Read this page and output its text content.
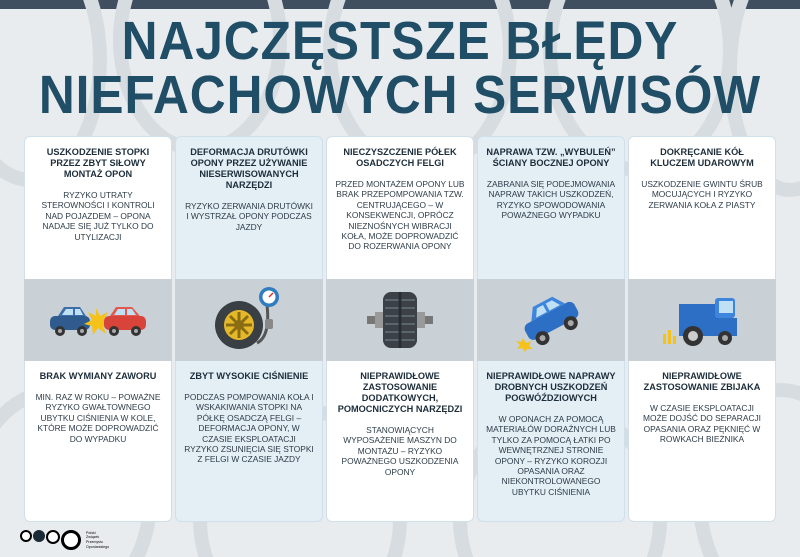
NAJCZĘSTSZE BŁĘDY
NIEFACHOWYCH SERWISÓW
USZKODZENIE STOPKI PRZEZ ZBYT SIŁOWY MONTAŻ OPON

RYZYKO UTRATY STEROWNOŚCI I KONTROLI NAD POJAZDEM – OPONA NADAJE SIĘ JUŻ TYLKO DO UTYLIZACJI

BRAK WYMIANY ZAWORU

MIN. RAZ W ROKU – POWAŻNE RYZYKO GWAŁTOWNEGO UBYTKU CIŚNIENIA W KOLE, KTÓRE MOŻE DOPROWADZIĆ DO WYPADKU

DEFORMACJA DRUTÓWKI OPONY PRZEZ UŻYWANIE NIESERWISOWANYCH NARZĘDZI

RYZYKO ZERWANIA DRUTÓWKI I WYSTRZAŁ OPONY PODCZAS JAZDY

ZBYT WYSOKIE CIŚNIENIE

PODCZAS POMPOWANIA KOŁA I WSKAKIWANIA STOPKI NA PÓŁKĘ OSADCZĄ FELGI – DEFORMACJA OPONY, W CZASIE EKSPLOATACJI RYZYKO ZSUNIĘCIA SIĘ STOPKI Z FELGI W CZASIE JAZDY

NIECZYSZCZENIE PÓŁEK OSADCZYCH FELGI

PRZED MONTAŻEM OPONY LUB BRAK PRZEPOMPOWANIA TZW. CENTRUJĄCEGO – W KONSEKWENCJI, OPRÓCZ NIEZNOŚNYCH WIBRACJI KOŁA, MOŻE DOPROWADZIĆ DO ROZERWANIA OPONY

NIEPRAWIDŁOWE ZASTOSOWANIE DODATKOWYCH, POMOCNICZYCH NARZĘDZI

STANOWIĄCYCH WYPOSAŻENIE MASZYN DO MONTAŻU – RYZYKO POWAŻNEGO USZKODZENIA OPONY

NAPRAWA TZW. „WYBULEŃ” ŚCIANY BOCZNEJ OPONY

ZABRANIA SIĘ PODEJMOWANIA NAPRAW TAKICH USZKODZEŃ, RYZYKO SPOWODOWANIA POWAŻNEGO WYPADKU

NIEPRAWIDŁOWE NAPRAWY DROBNYCH USZKODZEŃ POGWÓŹDZIOWYCH

W OPONACH ZA POMOCĄ MATERIAŁÓW DORAŹNYCH LUB TYLKO ZA POMOCĄ ŁATKI PO WEWNĘTRZNEJ STRONIE OPONY – RYZYKO KOROZJI OPASANIA ORAZ NIEKONTROLOWANEGO UBYTKU CIŚNIENIA

DOKRĘCANIE KÓŁ KLUCZEM UDAROWYM

USZKODZENIE GWINTU ŚRUB MOCUJĄCYCH I RYZYKO ZERWANIA KOŁA Z PIASTY

NIEPRAWIDŁOWE ZASTOSOWANIE ZBIJAKA

W CZASIE EKSPLOATACJI MOŻE DOJŚĆ DO SEPARACJI OPASANIA ORAZ PĘKNIĘĆ W ROWKACH BIEŻNIKA

Polski
Związek
Przemysłu
Oponiarskiego
